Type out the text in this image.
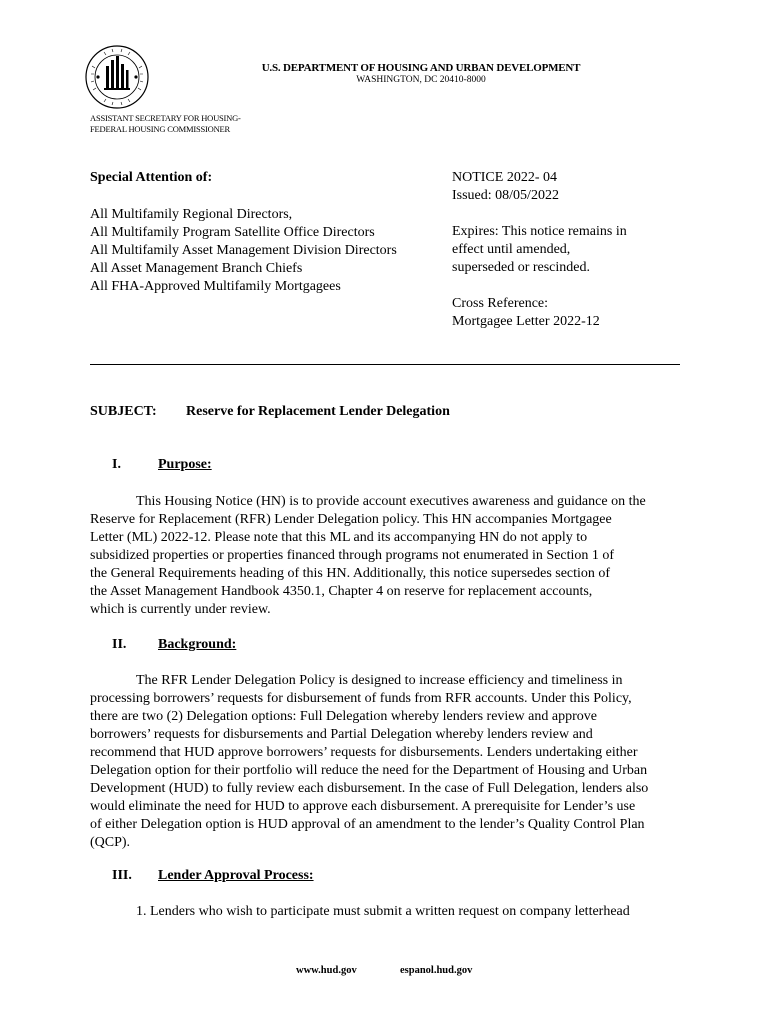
U.S. DEPARTMENT OF HOUSING AND URBAN DEVELOPMENT
WASHINGTON, DC 20410-8000
ASSISTANT SECRETARY FOR HOUSING-
FEDERAL HOUSING COMMISSIONER
Special Attention of:
All Multifamily Regional Directors,
All Multifamily Program Satellite Office Directors
All Multifamily Asset Management Division Directors
All Asset Management Branch Chiefs
All FHA-Approved Multifamily Mortgagees
NOTICE 2022- 04
Issued: 08/05/2022
Expires: This notice remains in
effect until amended,
superseded or rescinded.
Cross Reference:
Mortgagee Letter 2022-12
SUBJECT: Reserve for Replacement Lender Delegation
I.	Purpose:
This Housing Notice (HN) is to provide account executives awareness and guidance on the
Reserve for Replacement (RFR) Lender Delegation policy. This HN accompanies Mortgagee
Letter (ML) 2022-12. Please note that this ML and its accompanying HN do not apply to
subsidized properties or properties financed through programs not enumerated in Section 1 of
the General Requirements heading of this HN. Additionally, this notice supersedes section of
the Asset Management Handbook 4350.1, Chapter 4 on reserve for replacement accounts,
which is currently under review.
II. Background:
The RFR Lender Delegation Policy is designed to increase efficiency and timeliness in
processing borrowers’ requests for disbursement of funds from RFR accounts. Under this Policy,
there are two (2) Delegation options: Full Delegation whereby lenders review and approve
borrowers’ requests for disbursements and Partial Delegation whereby lenders review and
recommend that HUD approve borrowers’ requests for disbursements. Lenders undertaking either
Delegation option for their portfolio will reduce the need for the Department of Housing and Urban
Development (HUD) to fully review each disbursement. In the case of Full Delegation, lenders also
would eliminate the need for HUD to approve each disbursement. A prerequisite for Lender’s use
of either Delegation option is HUD approval of an amendment to the lender’s Quality Control Plan
(QCP).
III. Lender Approval Process:
1. Lenders who wish to participate must submit a written request on company letterhead
www.hud.gov	espanol.hud.gov
